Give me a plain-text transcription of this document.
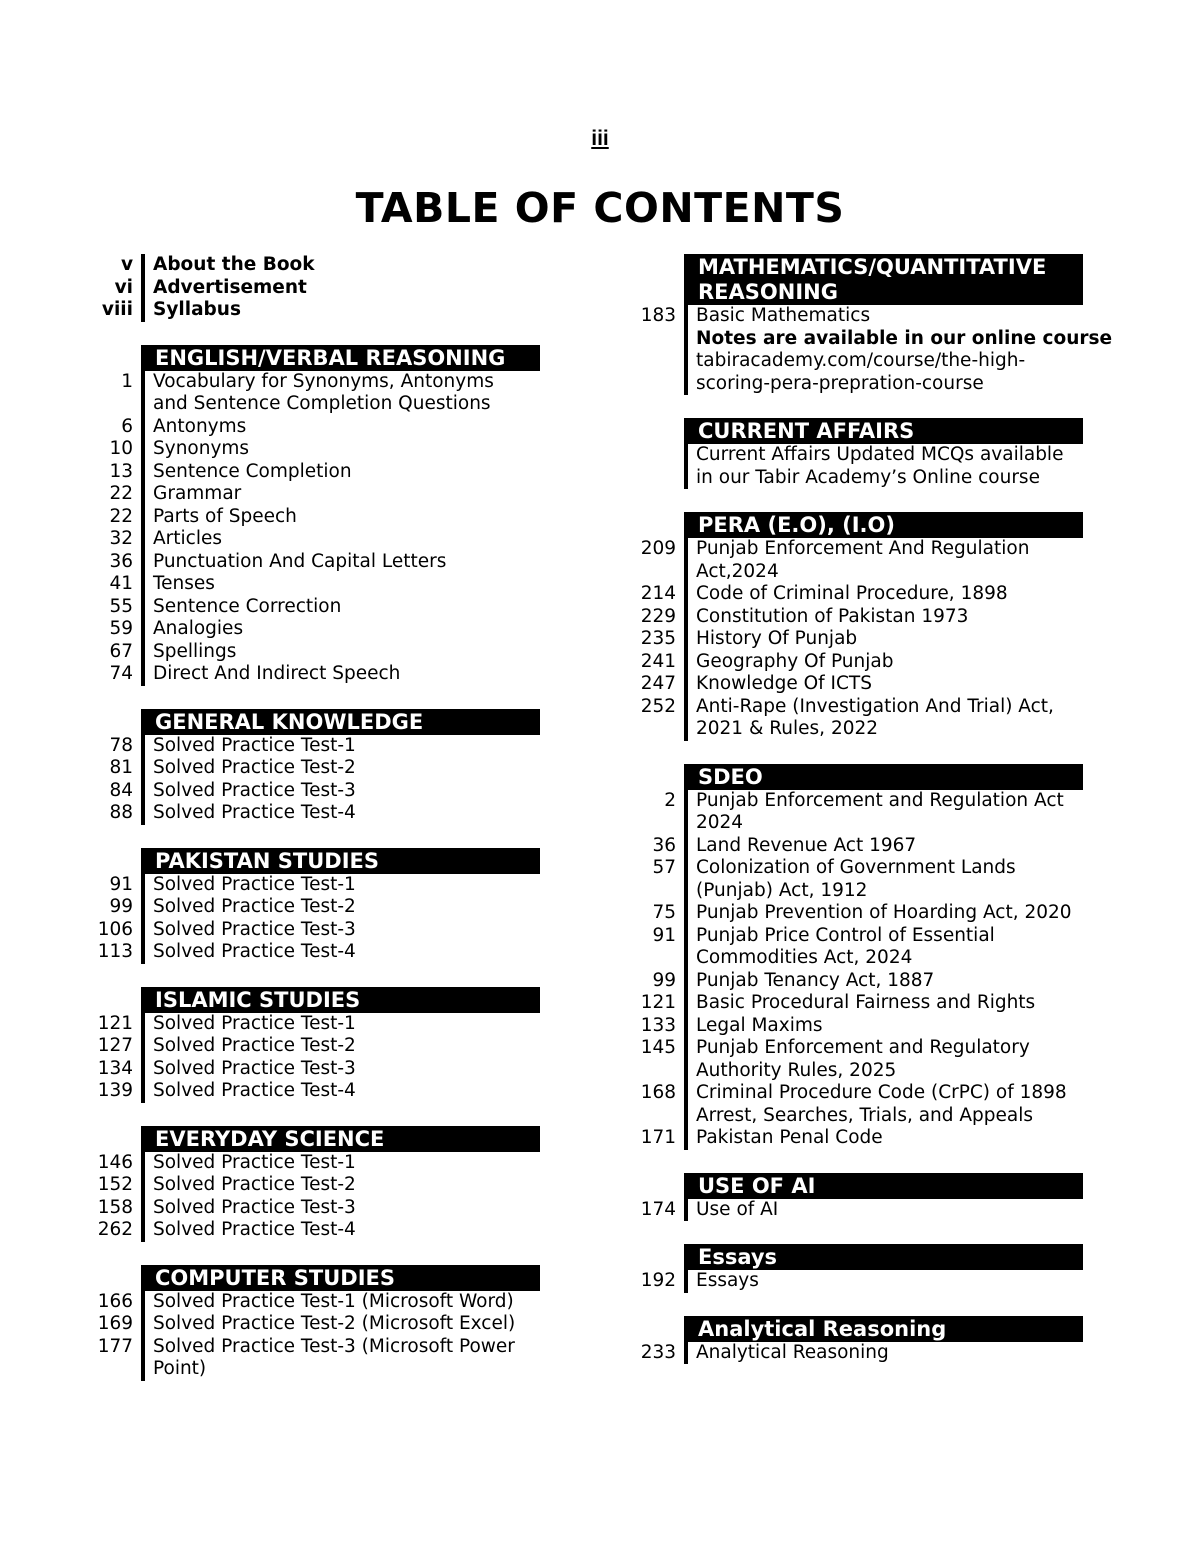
iii
TABLE OF CONTENTS
v	About the Book
vi	Advertisement
viii	Syllabus
ENGLISH/VERBAL REASONING
1	Vocabulary for Synonyms, Antonyms
and Sentence Completion Questions
6	Antonyms
10	Synonyms
13	Sentence Completion
22	Grammar
22	Parts of Speech
32	Articles
36	Punctuation And Capital Letters
41	Tenses
55	Sentence Correction
59	Analogies
67	Spellings
74	Direct And Indirect Speech
GENERAL KNOWLEDGE
78	Solved Practice Test-1
81	Solved Practice Test-2
84	Solved Practice Test-3
88	Solved Practice Test-4
PAKISTAN STUDIES
91	Solved Practice Test-1
99	Solved Practice Test-2
106	Solved Practice Test-3
113	Solved Practice Test-4
ISLAMIC STUDIES
121	Solved Practice Test-1
127	Solved Practice Test-2
134	Solved Practice Test-3
139	Solved Practice Test-4
EVERYDAY SCIENCE
146	Solved Practice Test-1
152	Solved Practice Test-2
158	Solved Practice Test-3
262	Solved Practice Test-4
COMPUTER STUDIES
166	Solved Practice Test-1 (Microsoft Word)
169	Solved Practice Test-2 (Microsoft Excel)
177	Solved Practice Test-3 (Microsoft Power
Point)
MATHEMATICS/QUANTITATIVE
REASONING
183	Basic Mathematics
Notes are available in our online course
tabiracademy.com/course/the-high-
scoring-pera-prepration-course
CURRENT AFFAIRS
Current Affairs Updated MCQs available
in our Tabir Academy’s Online course
PERA (E.O), (I.O)
209	Punjab Enforcement And Regulation
Act,2024
214	Code of Criminal Procedure, 1898
229	Constitution of Pakistan 1973
235	History Of Punjab
241	Geography Of Punjab
247	Knowledge Of ICTS
252	Anti-Rape (Investigation And Trial) Act,
2021 & Rules, 2022
SDEO
2	Punjab Enforcement and Regulation Act
2024
36	Land Revenue Act 1967
57	Colonization of Government Lands
(Punjab) Act, 1912
75	Punjab Prevention of Hoarding Act, 2020
91	Punjab Price Control of Essential
Commodities Act, 2024
99	Punjab Tenancy Act, 1887
121	Basic Procedural Fairness and Rights
133	Legal Maxims
145	Punjab Enforcement and Regulatory
Authority Rules, 2025
168	Criminal Procedure Code (CrPC) of 1898
Arrest, Searches, Trials, and Appeals
171	Pakistan Penal Code
USE OF AI
174	Use of AI
Essays
192	Essays
Analytical Reasoning
233	Analytical Reasoning
